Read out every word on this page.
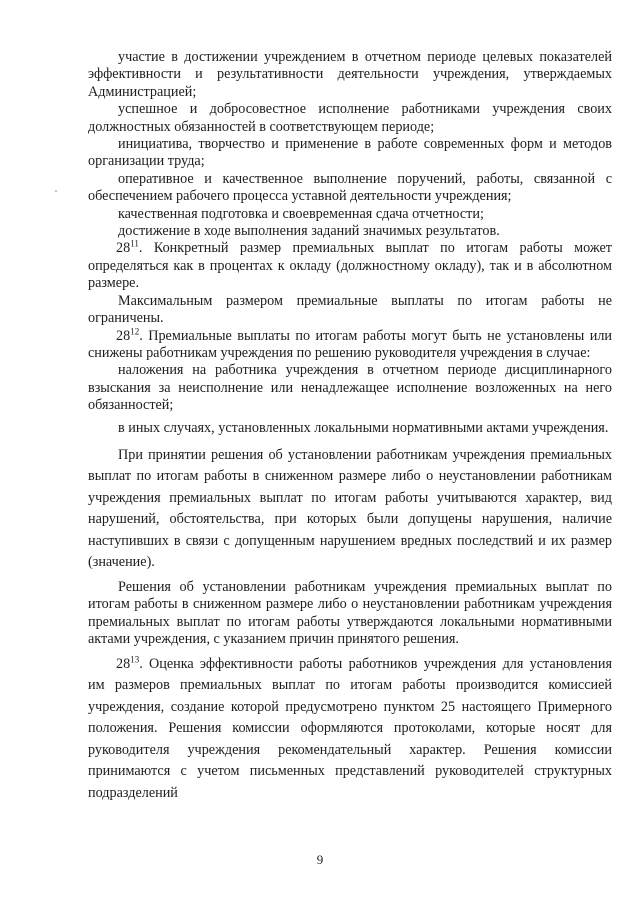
участие в достижении учреждением в отчетном периоде целевых показателей эффективности и результативности деятельности учреждения, утверждаемых Администрацией;

успешное и добросовестное исполнение работниками учреждения своих должностных обязанностей в соответствующем периоде;

инициатива, творчество и применение в работе современных форм и методов организации труда;

оперативное и качественное выполнение поручений, работы, связанной с обеспечением рабочего процесса уставной деятельности учреждения;

качественная подготовка и своевременная сдача отчетности;

достижение в ходе выполнения заданий значимых результатов.

$28^{11}$. Конкретный размер премиальных выплат по итогам работы может определяться как в процентах к окладу (должностному окладу), так и в абсолютном размере.

Максимальным размером премиальные выплаты по итогам работы не ограничены.

$28^{12}$. Премиальные выплаты по итогам работы могут быть не установлены или снижены работникам учреждения по решению руководителя учреждения в случае:

наложения на работника учреждения в отчетном периоде дисциплинарного взыскания за неисполнение или ненадлежащее исполнение возложенных на него обязанностей;

в иных случаях, установленных локальными нормативными актами учреждения.

При принятии решения об установлении работникам учреждения премиальных выплат по итогам работы в сниженном размере либо о неустановлении работникам учреждения премиальных выплат по итогам работы учитываются характер, вид нарушений, обстоятельства, при которых были допущены нарушения, наличие наступивших в связи с допущенным нарушением вредных последствий и их размер (значение).

Решения об установлении работникам учреждения премиальных выплат по итогам работы в сниженном размере либо о неустановлении работникам учреждения премиальных выплат по итогам работы утверждаются локальными нормативными актами учреждения, с указанием причин принятого решения.

$28^{13}$. Оценка эффективности работы работников учреждения для установления им размеров премиальных выплат по итогам работы производится комиссией учреждения, создание которой предусмотрено пунктом 25 настоящего Примерного положения. Решения комиссии оформляются протоколами, которые носят для руководителя учреждения рекомендательный характер. Решения комиссии принимаются с учетом письменных представлений руководителей структурных подразделений

9
